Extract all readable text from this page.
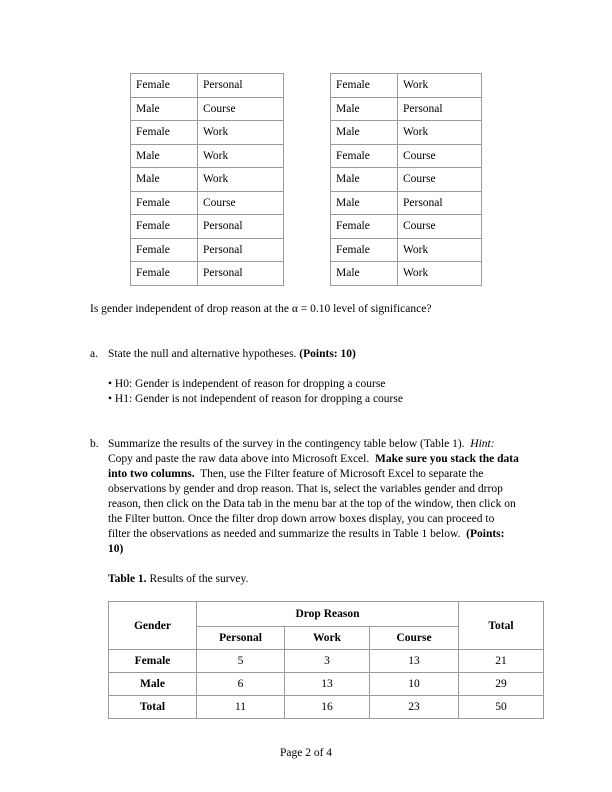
Female	Personal
Male	Course
Female	Work
Male	Work
Male	Work
Female	Course
Female	Personal
Female	Personal
Female	Personal
Female	Work
Male	Personal
Male	Work
Female	Course
Male	Course
Male	Personal
Female	Course
Female	Work
Male	Work
Is gender independent of drop reason at the α = 0.10 level of significance?
a. State the null and alternative hypotheses. (Points: 10)
• H0: Gender is independent of reason for dropping a course
• H1: Gender is not independent of reason for dropping a course
b. Summarize the results of the survey in the contingency table below (Table 1).  Hint:
Copy and paste the raw data above into Microsoft Excel.  Make sure you stack the data
into two columns.  Then, use the Filter feature of Microsoft Excel to separate the
observations by gender and drop reason. That is, select the variables gender and drrop
reason, then click on the Data tab in the menu bar at the top of the window, then click on
the Filter button. Once the filter drop down arrow boxes display, you can proceed to
filter the observations as needed and summarize the results in Table 1 below.  (Points:
10)
Table 1. Results of the survey.
Gender	Drop Reason			Total
	Personal	Work	Course	
Female	5	3	13	21
Male	6	13	10	29
Total	11	16	23	50
Page 2 of 4
